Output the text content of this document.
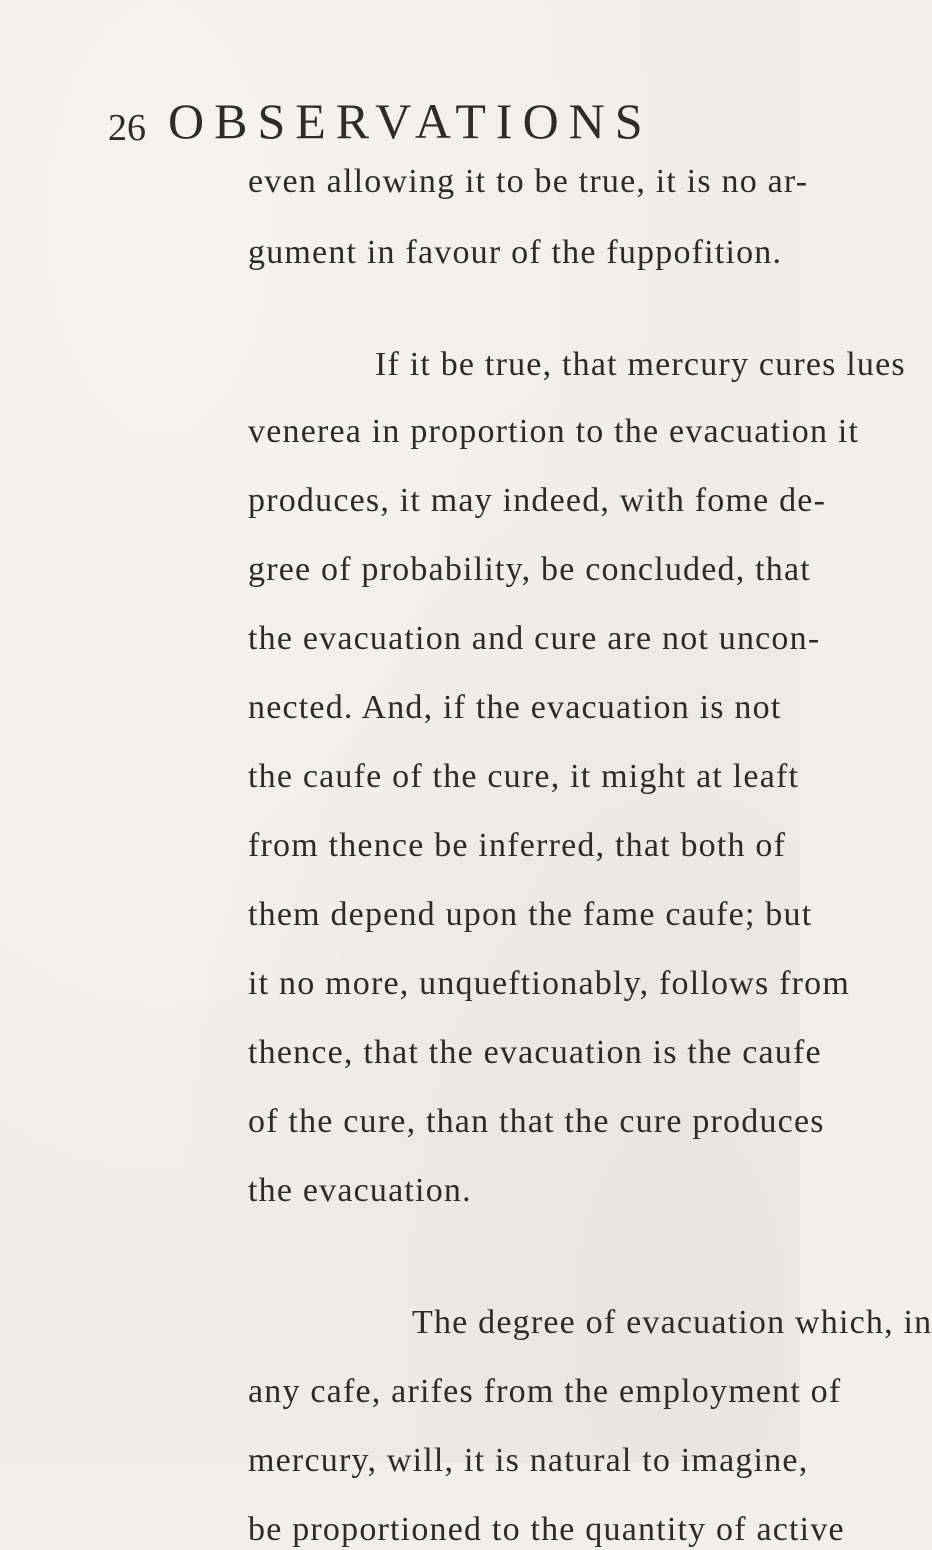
26 OBSERVATIONS
even allowing it to be true, it is no ar-
gument in favour of the fuppofition.
If it be true, that mercury cures lues
venerea in proportion to the evacuation it
produces, it may indeed, with fome de-
gree of probability, be concluded, that
the evacuation and cure are not uncon-
nected. And, if the evacuation is not
the caufe of the cure, it might at leaft
from thence be inferred, that both of
them depend upon the fame caufe; but
it no more, unqueftionably, follows from
thence, that the evacuation is the caufe
of the cure, than that the cure produces
the evacuation.
The degree of evacuation which, in
any cafe, arifes from the employment of
mercury, will, it is natural to imagine,
be proportioned to the quantity of active
